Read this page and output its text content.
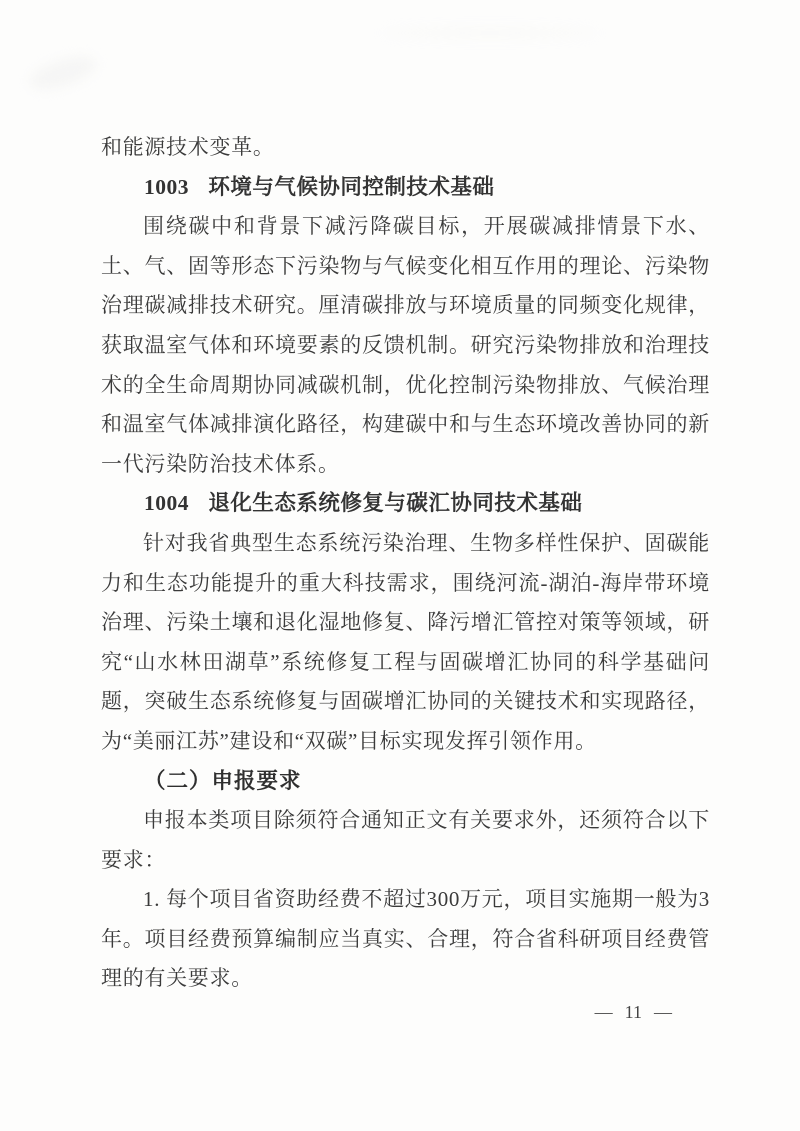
和能源技术变革。

1003 环境与气候协同控制技术基础

围绕碳中和背景下减污降碳目标，开展碳减排情景下水、土、气、固等形态下污染物与气候变化相互作用的理论、污染物治理碳减排技术研究。厘清碳排放与环境质量的同频变化规律，获取温室气体和环境要素的反馈机制。研究污染物排放和治理技术的全生命周期协同减碳机制，优化控制污染物排放、气候治理和温室气体减排演化路径，构建碳中和与生态环境改善协同的新一代污染防治技术体系。

1004 退化生态系统修复与碳汇协同技术基础

针对我省典型生态系统污染治理、生物多样性保护、固碳能力和生态功能提升的重大科技需求，围绕河流-湖泊-海岸带环境治理、污染土壤和退化湿地修复、降污增汇管控对策等领域，研究“山水林田湖草”系统修复工程与固碳增汇协同的科学基础问题，突破生态系统修复与固碳增汇协同的关键技术和实现路径，为“美丽江苏”建设和“双碳”目标实现发挥引领作用。

（二）申报要求

申报本类项目除须符合通知正文有关要求外，还须符合以下要求：

1. 每个项目省资助经费不超过300万元，项目实施期一般为3年。项目经费预算编制应当真实、合理，符合省科研项目经费管理的有关要求。

— 11 —
